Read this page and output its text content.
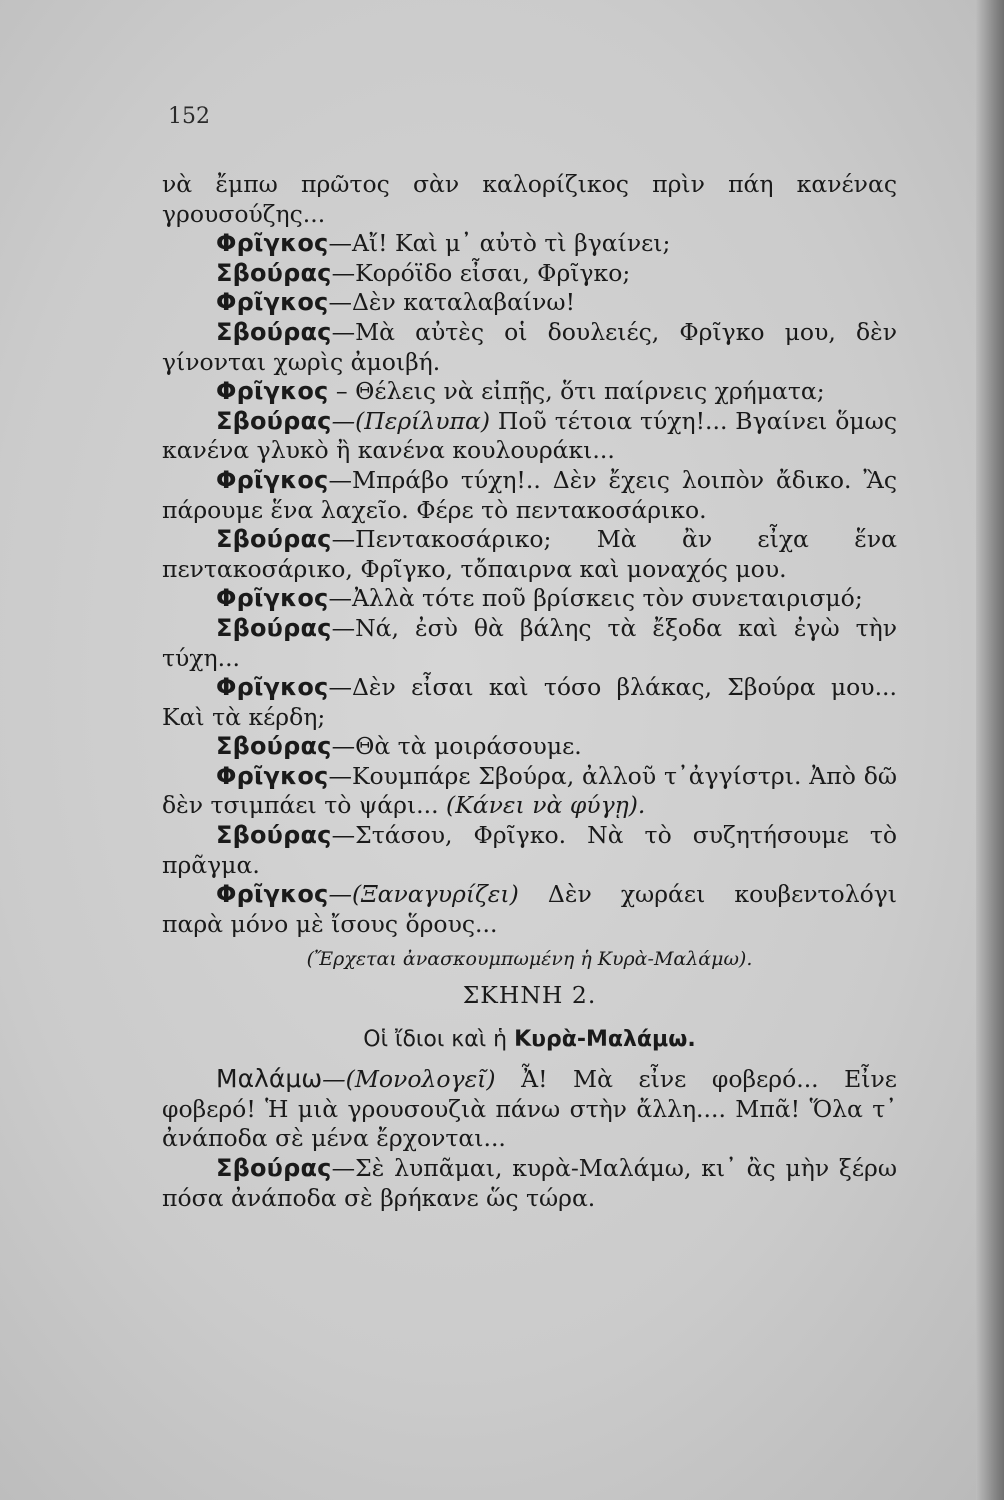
152

νὰ ἔμπω πρῶτος σὰν καλορίζικος πρὶν πάη κανένας γρουσούζης...

Φρῖγκος—Αἴ! Καὶ μ᾽ αὐτὸ τὶ βγαίνει;

Σβούρας—Κορόϊδο εἶσαι, Φρῖγκο;

Φρῖγκος—Δὲν καταλαβαίνω!

Σβούρας—Μὰ αὐτὲς οἱ δουλειές, Φρῖγκο μου, δὲν γίνονται χωρὶς ἀμοιβή.

Φρῖγκος – Θέλεις νὰ εἰπῇς, ὅτι παίρνεις χρήματα;

Σβούρας—(Περίλυπα) Ποῦ τέτοια τύχη!... Βγαίνει ὅμως κανένα γλυκὸ ἢ κανένα κουλουράκι...

Φρῖγκος—Μπράβο τύχη!.. Δὲν ἔχεις λοιπὸν ἄδικο. Ἂς πάρουμε ἕνα λαχεῖο. Φέρε τὸ πεντακοσάρικο.

Σβούρας—Πεντακοσάρικο; Μὰ ἂν εἶχα ἕνα πεντακοσάρικο, Φρῖγκο, τὄπαιρνα καὶ μοναχός μου.

Φρῖγκος—Ἀλλὰ τότε ποῦ βρίσκεις τὸν συνεταιρισμό;

Σβούρας—Νά, ἐσὺ θὰ βάλης τὰ ἔξοδα καὶ ἐγὼ τὴν τύχη...

Φρῖγκος—Δὲν εἶσαι καὶ τόσο βλάκας, Σβούρα μου... Καὶ τὰ κέρδη;

Σβούρας—Θὰ τὰ μοιράσουμε.

Φρῖγκος—Κουμπάρε Σβούρα, ἀλλοῦ τ᾽ἀγγίστρι. Ἀπὸ δῶ δὲν τσιμπάει τὸ ψάρι... (Κάνει νὰ φύγῃ).

Σβούρας—Στάσου, Φρῖγκο. Νὰ τὸ συζητήσουμε τὸ πρᾶγμα.

Φρῖγκος—(Ξαναγυρίζει) Δὲν χωράει κουβεντολόγι παρὰ μόνο μὲ ἴσους ὅρους...

(Ἔρχεται ἀνασκουμπωμένη ἡ Κυρὰ-Μαλάμω).

ΣΚΗΝΗ 2.

Οἱ ἴδιοι καὶ ἡ Κυρὰ-Μαλάμω.

Μαλάμω—(Μονολογεῖ) Ἆ! Μὰ εἶνε φοβερό... Εἶνε φοβερό! Ἡ μιὰ γρουσουζιὰ πάνω στὴν ἄλλη.... Μπᾶ! Ὅλα τ᾽ ἀνάποδα σὲ μένα ἔρχονται...

Σβούρας—Σὲ λυπᾶμαι, κυρὰ-Μαλάμω, κι᾽ ἂς μὴν ξέρω πόσα ἀνάποδα σὲ βρήκανε ὥς τώρα.
